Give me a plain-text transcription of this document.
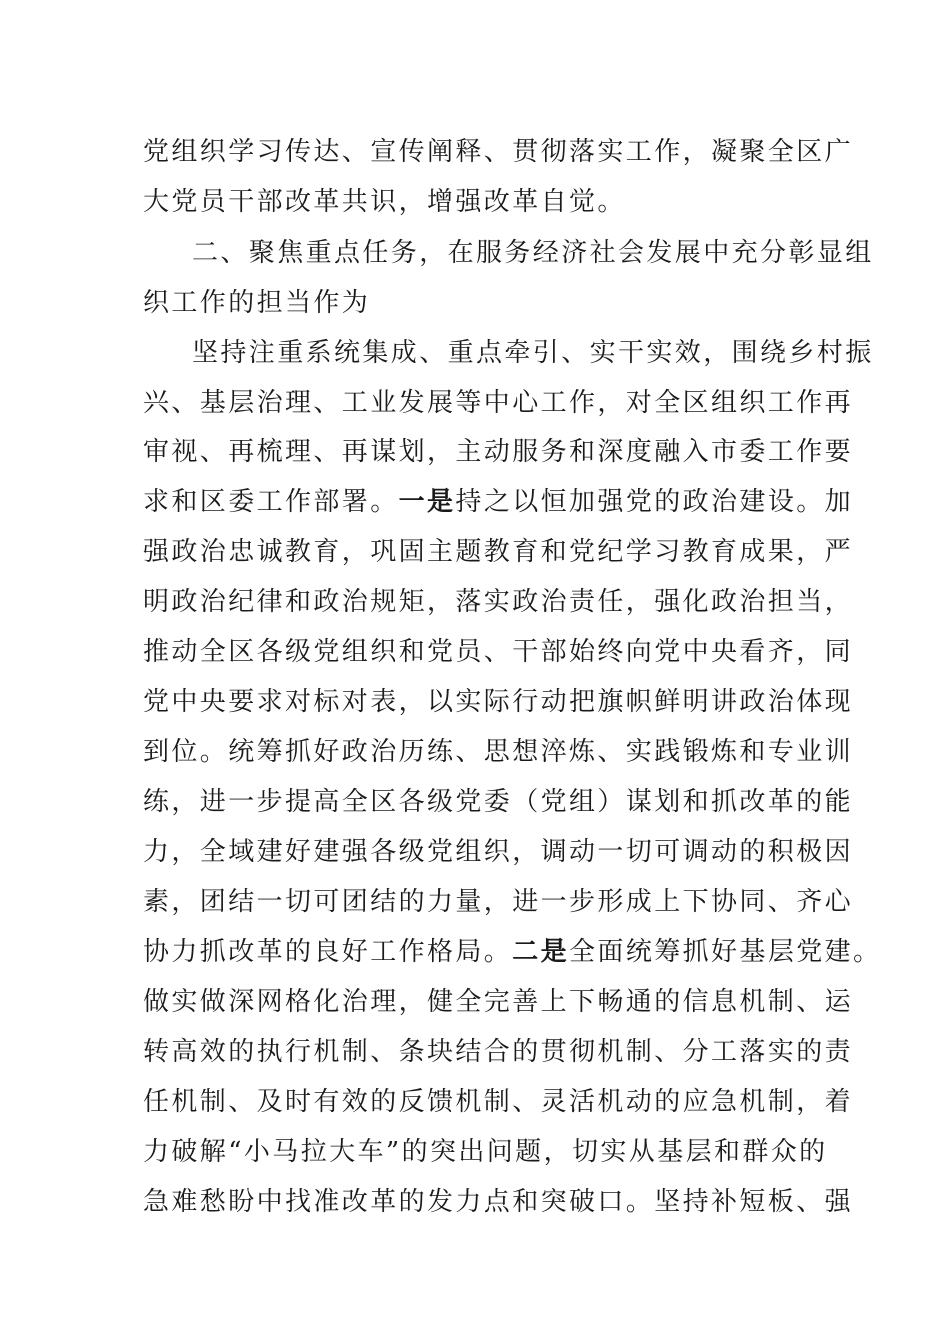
党组织学习传达、宣传阐释、贯彻落实工作，凝聚全区广
大党员干部改革共识，增强改革自觉。
二、聚焦重点任务，在服务经济社会发展中充分彰显组
织工作的担当作为
坚持注重系统集成、重点牵引、实干实效，围绕乡村振
兴、基层治理、工业发展等中心工作，对全区组织工作再
审视、再梳理、再谋划，主动服务和深度融入市委工作要
求和区委工作部署。一是持之以恒加强党的政治建设。加
强政治忠诚教育，巩固主题教育和党纪学习教育成果，严
明政治纪律和政治规矩，落实政治责任，强化政治担当，
推动全区各级党组织和党员、干部始终向党中央看齐，同
党中央要求对标对表，以实际行动把旗帜鲜明讲政治体现
到位。统筹抓好政治历练、思想淬炼、实践锻炼和专业训
练，进一步提高全区各级党委（党组）谋划和抓改革的能
力，全域建好建强各级党组织，调动一切可调动的积极因
素，团结一切可团结的力量，进一步形成上下协同、齐心
协力抓改革的良好工作格局。二是全面统筹抓好基层党建。
做实做深网格化治理，健全完善上下畅通的信息机制、运
转高效的执行机制、条块结合的贯彻机制、分工落实的责
任机制、及时有效的反馈机制、灵活机动的应急机制，着
力破解“小马拉大车”的突出问题，切实从基层和群众的
急难愁盼中找准改革的发力点和突破口。坚持补短板、强
